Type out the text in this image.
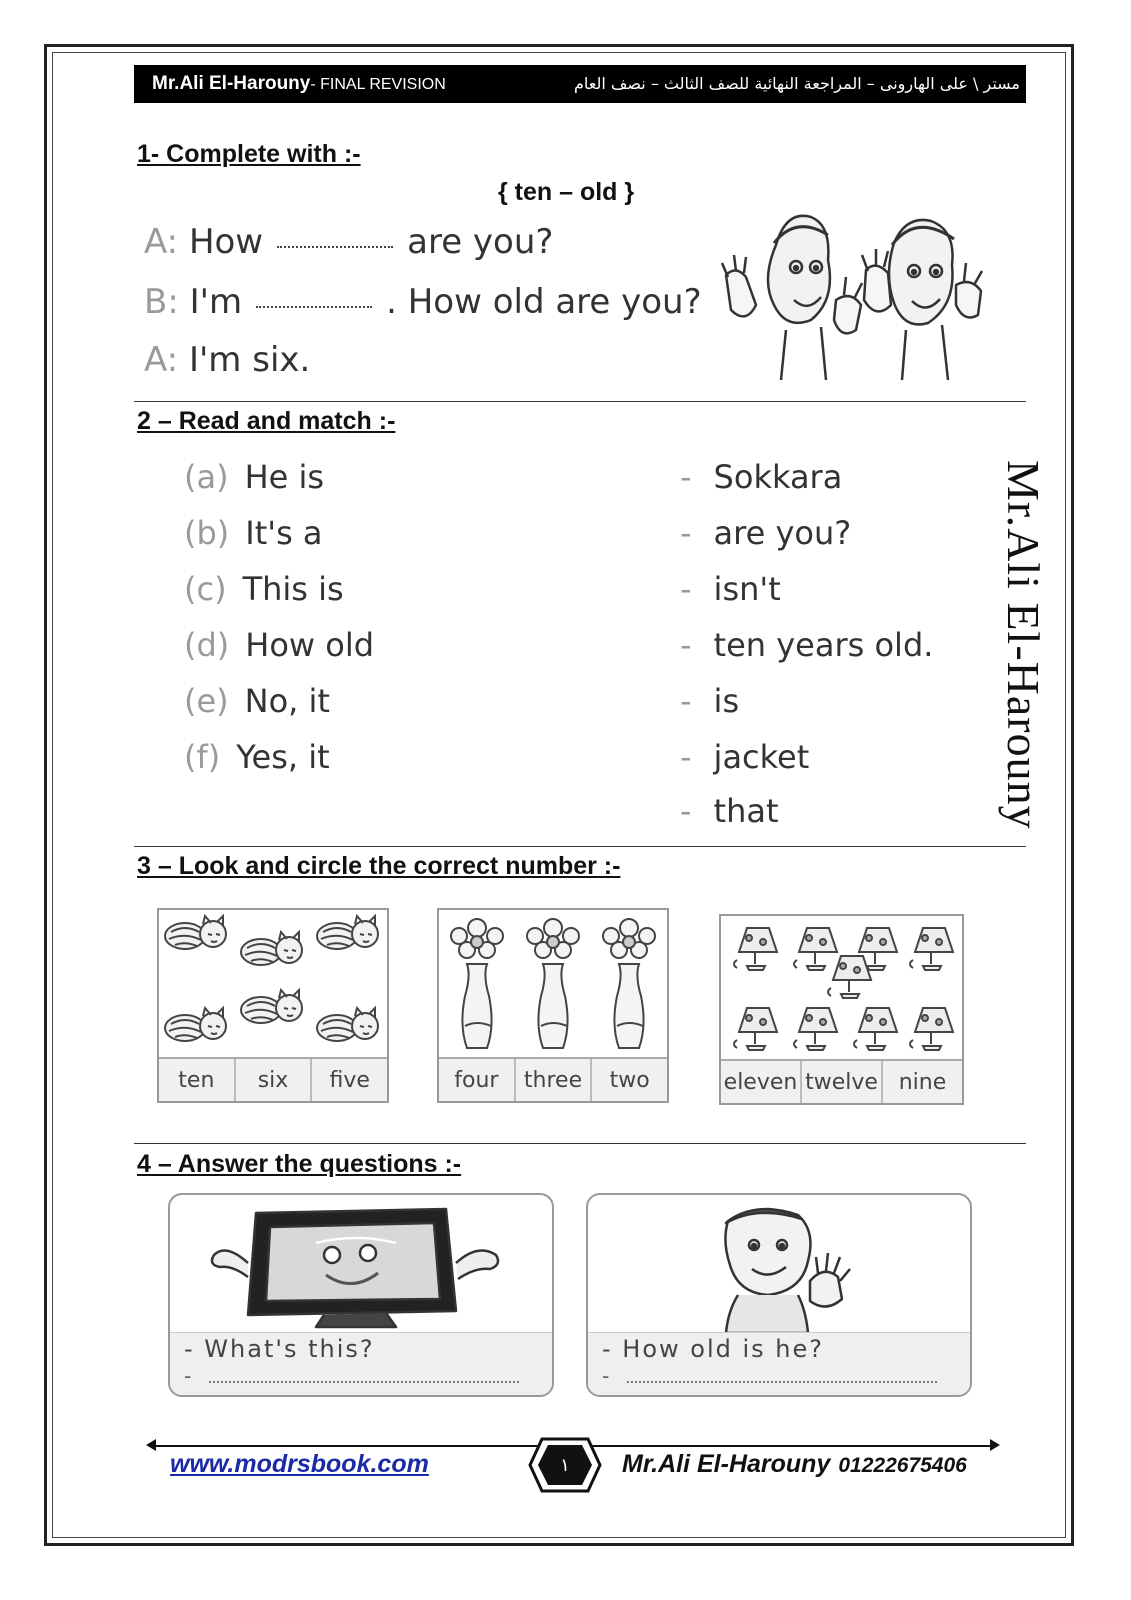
Mr.Ali El-Harouny- FINAL REVISION	مستر \ على الهارونى – المراجعة النهائية للصف الثالث – نصف العام
1- Complete with :-
{ ten – old }
A: How	are you?
B: I'm	. How old are you?
A: I'm six.
2 – Read and match :-
(a) He is
(b) It's a
(c) This is
(d) How old
(e) No, it
(f) Yes, it
- Sokkara
- are you?
- isn't
- ten years old.
- is
- jacket
- that
3 – Look and circle the correct number :-
ten	six	five	four	three	two	eleven twelve nine
4 – Answer the questions :-
- What's this?
-
- How old is he?
-
Mr.Ali El-Harouny
www.modrsbook.com	١ Mr.Ali El-Harouny 01222675406
